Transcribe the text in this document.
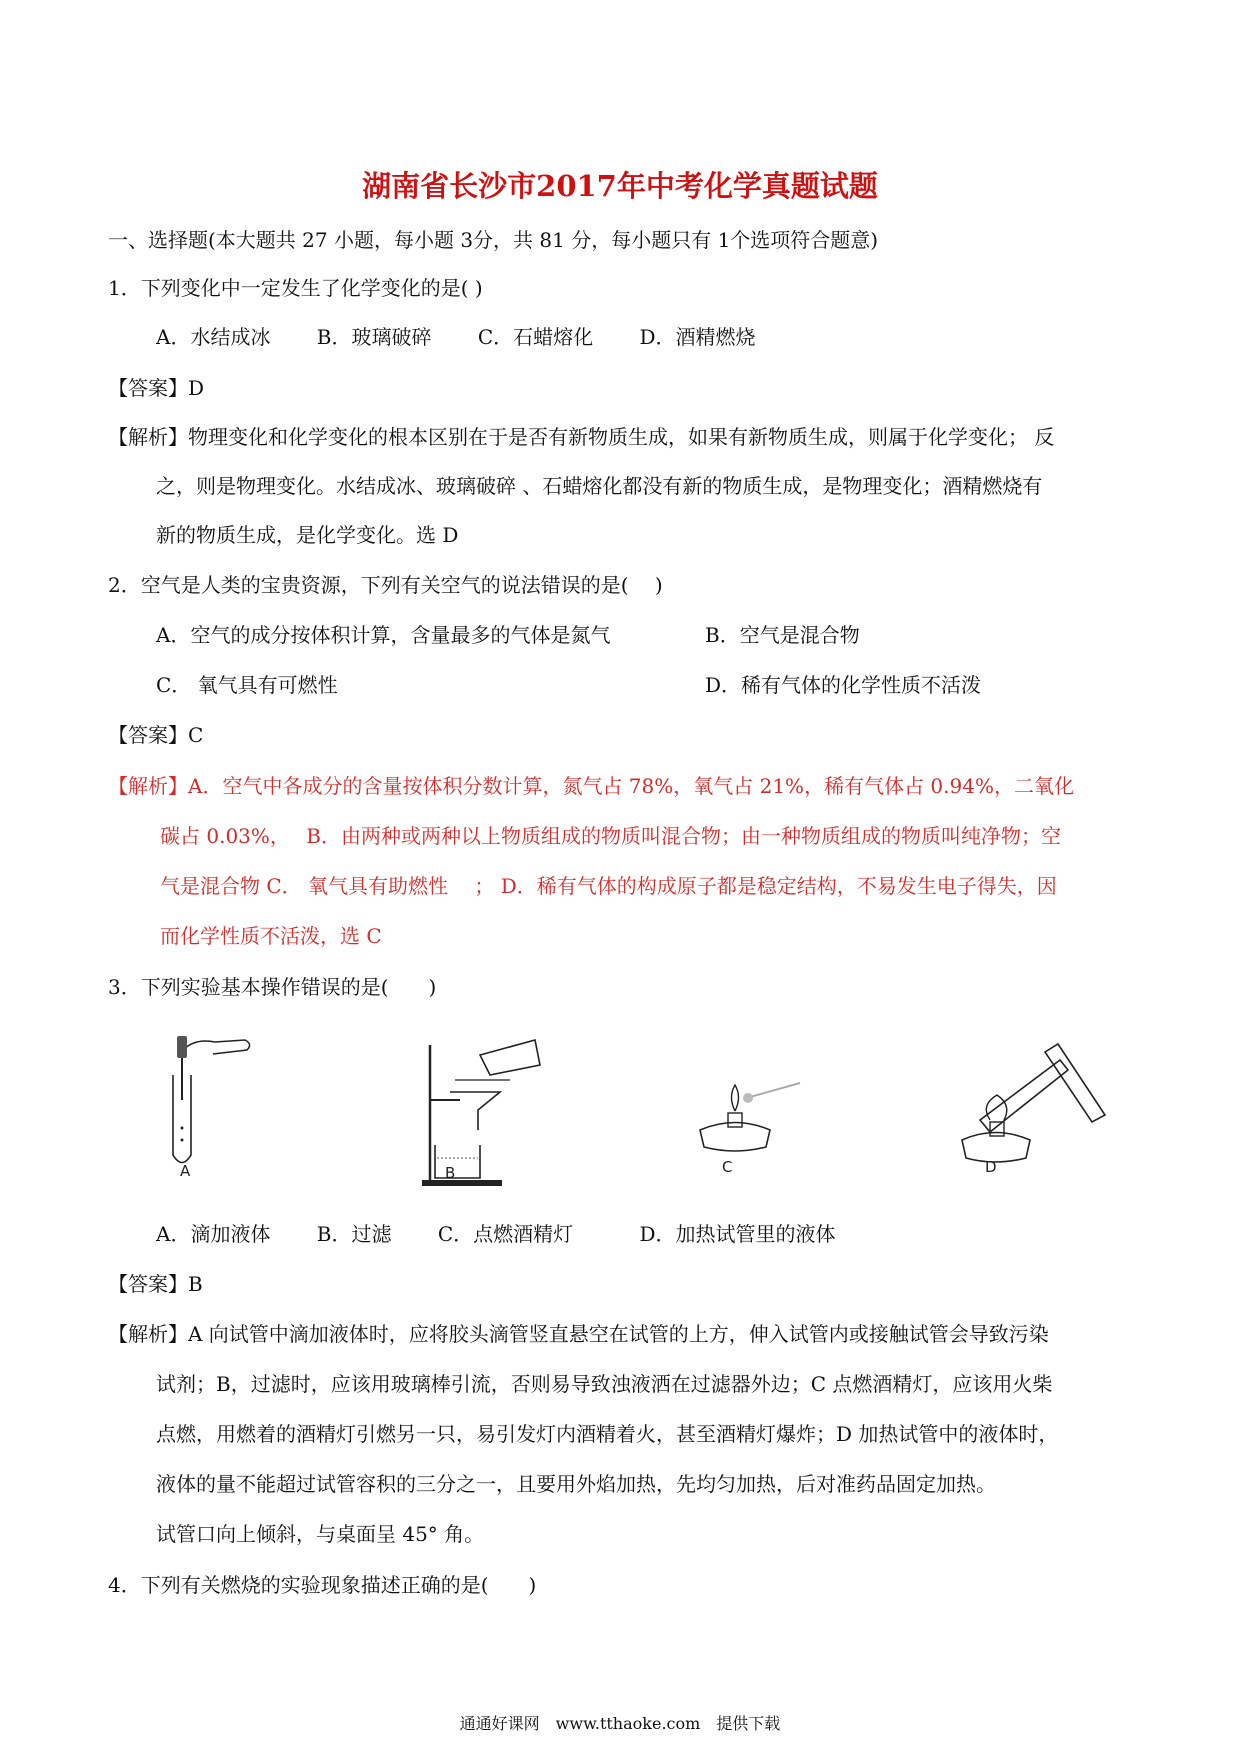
湖南省长沙市2017年中考化学真题试题
一、选择题(本大题共 27 小题，每小题 3分，共 81 分，每小题只有 1个选项符合题意)
1．下列变化中一定发生了化学变化的是( )
A．水结成冰　　 B．玻璃破碎　　 C．石蜡熔化　　 D．酒精燃烧
【答案】D
【解析】物理变化和化学变化的根本区别在于是否有新物质生成，如果有新物质生成，则属于化学变化； 反
之，则是物理变化。水结成冰、玻璃破碎 、石蜡熔化都没有新的物质生成，是物理变化；酒精燃烧有
新的物质生成，是化学变化。选 D
2．空气是人类的宝贵资源，下列有关空气的说法错误的是(　 )
A．空气的成分按体积计算，含量最多的气体是氮气	B．空气是混合物
C． 氧气具有可燃性	D．稀有气体的化学性质不活泼
【答案】C
【解析】A．空气中各成分的含量按体积分数计算，氮气占 78%，氧气占 21%，稀有气体占 0.94%，二氧化
碳占 0.03%，　 B．由两种或两种以上物质组成的物质叫混合物；由一种物质组成的物质叫纯净物；空
气是混合物 C． 氧气具有助燃性　 ； D．稀有气体的构成原子都是稳定结构，不易发生电子得失，因
而化学性质不活泼，选 C
3．下列实验基本操作错误的是(　　)
A	B	C	D
A．滴加液体　　 B．过滤　　 C．点燃酒精灯　　　 D．加热试管里的液体
【答案】B
【解析】A 向试管中滴加液体时，应将胶头滴管竖直悬空在试管的上方，伸入试管内或接触试管会导致污染
试剂；B，过滤时，应该用玻璃棒引流，否则易导致浊液洒在过滤器外边；C 点燃酒精灯，应该用火柴
点燃，用燃着的酒精灯引燃另一只，易引发灯内酒精着火，甚至酒精灯爆炸；D 加热试管中的液体时，
液体的量不能超过试管容积的三分之一，且要用外焰加热，先均匀加热，后对准药品固定加热。
试管口向上倾斜，与桌面呈 45° 角。
4．下列有关燃烧的实验现象描述正确的是(　　)
通通好课网　www.tthaoke.com　提供下载
